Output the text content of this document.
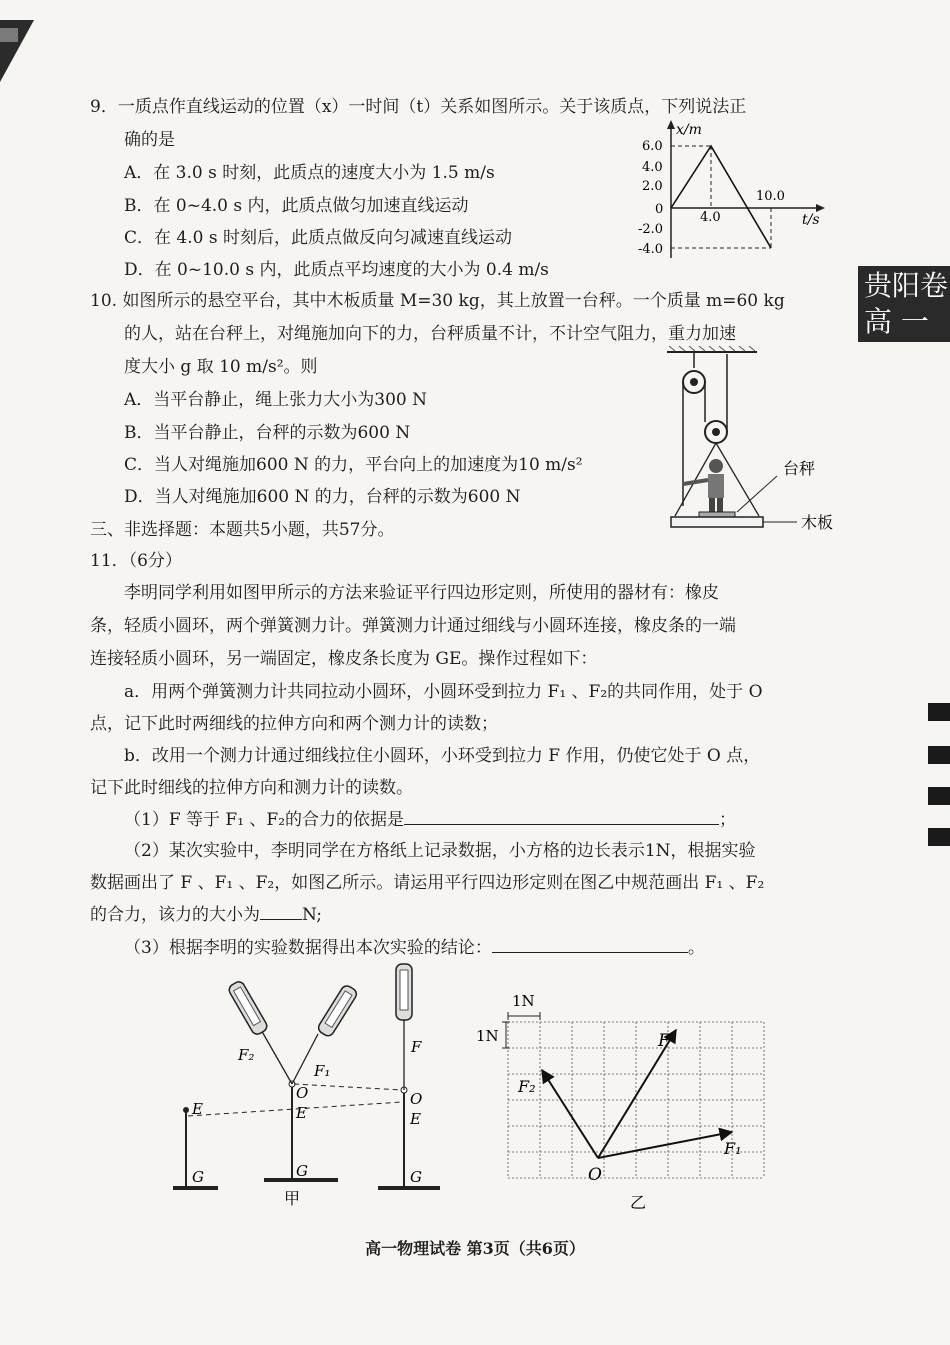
贵阳卷
高 一
9．一质点作直线运动的位置（x）一时间（t）关系如图所示。关于该质点，下列说法正
确的是
A．在 3.0 s 时刻，此质点的速度大小为 1.5 m/s
B．在 0~4.0 s 内，此质点做匀加速直线运动
C．在 4.0 s 时刻后，此质点做反向匀减速直线运动
D．在 0~10.0 s 内，此质点平均速度的大小为 0.4 m/s
x/m
t/s
6.0
4.0
2.0
0
-2.0
-4.0
4.0
10.0
10. 如图所示的悬空平台，其中木板质量 M=30 kg，其上放置一台秤。一个质量 m=60 kg
的人，站在台秤上，对绳施加向下的力，台秤质量不计，不计空气阻力，重力加速
度大小 g 取 10 m/s²。则
A．当平台静止，绳上张力大小为300 N
B．当平台静止，台秤的示数为600 N
C．当人对绳施加600 N 的力，平台向上的加速度为10 m/s²
D．当人对绳施加600 N 的力，台秤的示数为600 N
台秤
木板
三、非选择题：本题共5小题，共57分。
11．（6分）
李明同学利用如图甲所示的方法来验证平行四边形定则，所使用的器材有：橡皮
条，轻质小圆环，两个弹簧测力计。弹簧测力计通过细线与小圆环连接，橡皮条的一端
连接轻质小圆环，另一端固定，橡皮条长度为 GE。操作过程如下：
a．用两个弹簧测力计共同拉动小圆环，小圆环受到拉力 F₁ 、F₂的共同作用，处于 O
点，记下此时两细线的拉伸方向和两个测力计的读数；
b．改用一个测力计通过细线拉住小圆环，小环受到拉力 F 作用，仍使它处于 O 点，
记下此时细线的拉伸方向和测力计的读数。
（1）F 等于 F₁ 、F₂的合力的依据是	；
（2）某次实验中，李明同学在方格纸上记录数据，小方格的边长表示1N，根据实验
数据画出了 F 、F₁ 、F₂，如图乙所示。请运用平行四边形定则在图乙中规范画出 F₁ 、F₂
的合力，该力的大小为 N;
（3）根据李明的实验数据得出本次实验的结论：	。
E
G	G
E
O
F₂
F₁
F
O
E
G
甲
1N
1N	F
F₁
F₂
O
乙
高一物理试卷 第3页（共6页）
